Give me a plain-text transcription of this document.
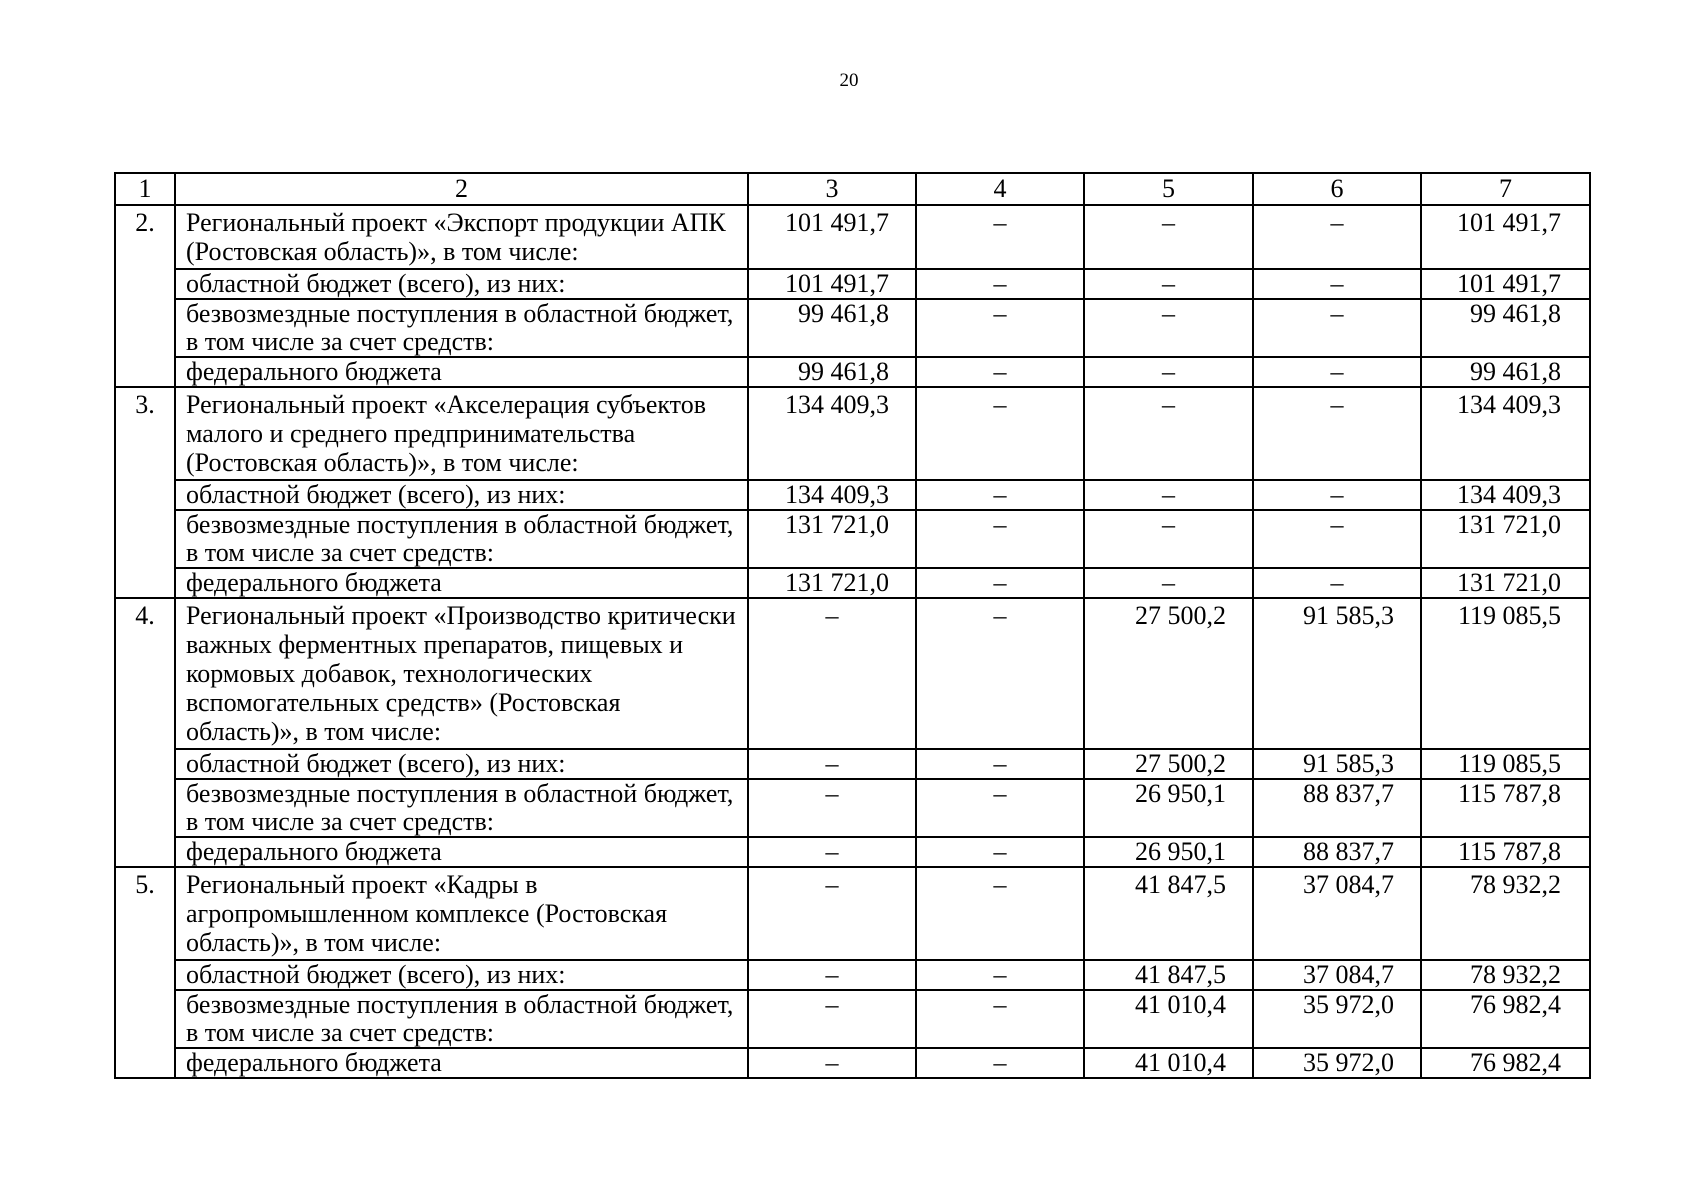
20
1	2	3	4	5	6	7
2.	Региональный проект «Экспорт продукции АПК (Ростовская область)», в том числе:	101 491,7	–	–	–	101 491,7
	областной бюджет (всего), из них:	101 491,7	–	–	–	101 491,7
	безвозмездные поступления в областной бюджет, в том числе за счет средств:	99 461,8	–	–	–	99 461,8
	федерального бюджета	99 461,8	–	–	–	99 461,8
3.	Региональный проект «Акселерация субъектов малого и среднего предпринимательства (Ростовская область)», в том числе:	134 409,3	–	–	–	134 409,3
	областной бюджет (всего), из них:	134 409,3	–	–	–	134 409,3
	безвозмездные поступления в областной бюджет, в том числе за счет средств:	131 721,0	–	–	–	131 721,0
	федерального бюджета	131 721,0	–	–	–	131 721,0
4.	Региональный проект «Производство критически важных ферментных препаратов, пищевых и кормовых добавок, технологических вспомогательных средств» (Ростовская область)», в том числе:	–	–	27 500,2	91 585,3	119 085,5
	областной бюджет (всего), из них:	–	–	27 500,2	91 585,3	119 085,5
	безвозмездные поступления в областной бюджет, в том числе за счет средств:	–	–	26 950,1	88 837,7	115 787,8
	федерального бюджета	–	–	26 950,1	88 837,7	115 787,8
5.	Региональный проект «Кадры в агропромышленном комплексе (Ростовская область)», в том числе:	–	–	41 847,5	37 084,7	78 932,2
	областной бюджет (всего), из них:	–	–	41 847,5	37 084,7	78 932,2
	безвозмездные поступления в областной бюджет, в том числе за счет средств:	–	–	41 010,4	35 972,0	76 982,4
	федерального бюджета	–	–	41 010,4	35 972,0	76 982,4
